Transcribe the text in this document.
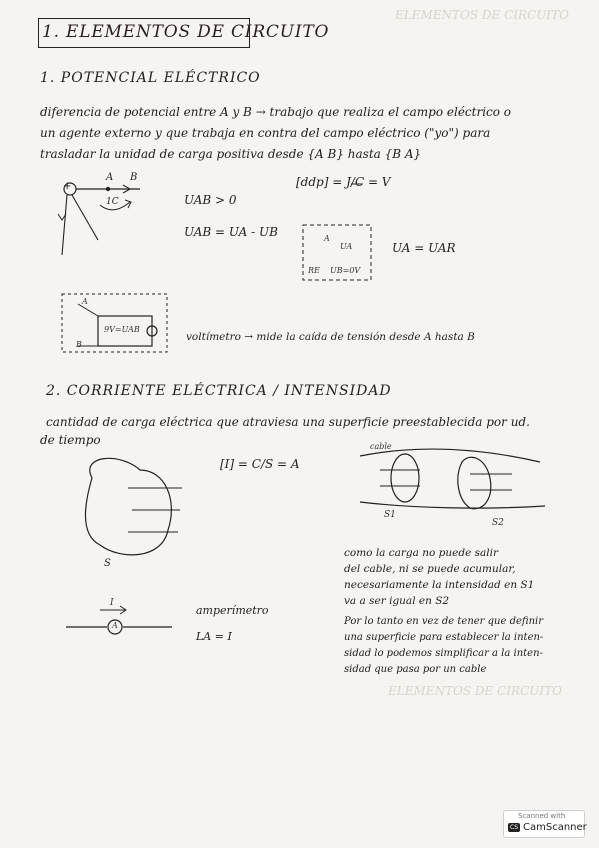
ELEMENTOS DE CIRCUITO
ELEMENTOS DE CIRCUITO
1. ELEMENTOS DE CIRCUITO
1. POTENCIAL ELÉCTRICO
diferencia de potencial entre A y B → trabajo que realiza el campo eléctrico o
un agente externo y que trabaja en contra del campo eléctrico ("yo") para
trasladar la unidad de carga positiva desde {A B} hasta {B A}
+
A B
1C	UAB > 0
UAB = UA - UB
[ddp] = J/C = V
A
UA
RE UB=0V
UA = UAR
A
B
9V=UAB
voltímetro → mide la caída de tensión desde A hasta B
2. CORRIENTE ELÉCTRICA / INTENSIDAD
cantidad de carga eléctrica que atraviesa una superficie preestablecida por ud.
de tiempo
[I] = C/S = A
S
cable
S1
S2
como la carga no puede salir
del cable, ni se puede acumular,
necesariamente la intensidad en S1
va a ser igual en S2
Por lo tanto en vez de tener que definir
una superficie para establecer la inten-
sidad lo podemos simplificar a la inten-
sidad que pasa por un cable
I
A
amperímetro
LA = I
Scanned with
CS CamScanner
